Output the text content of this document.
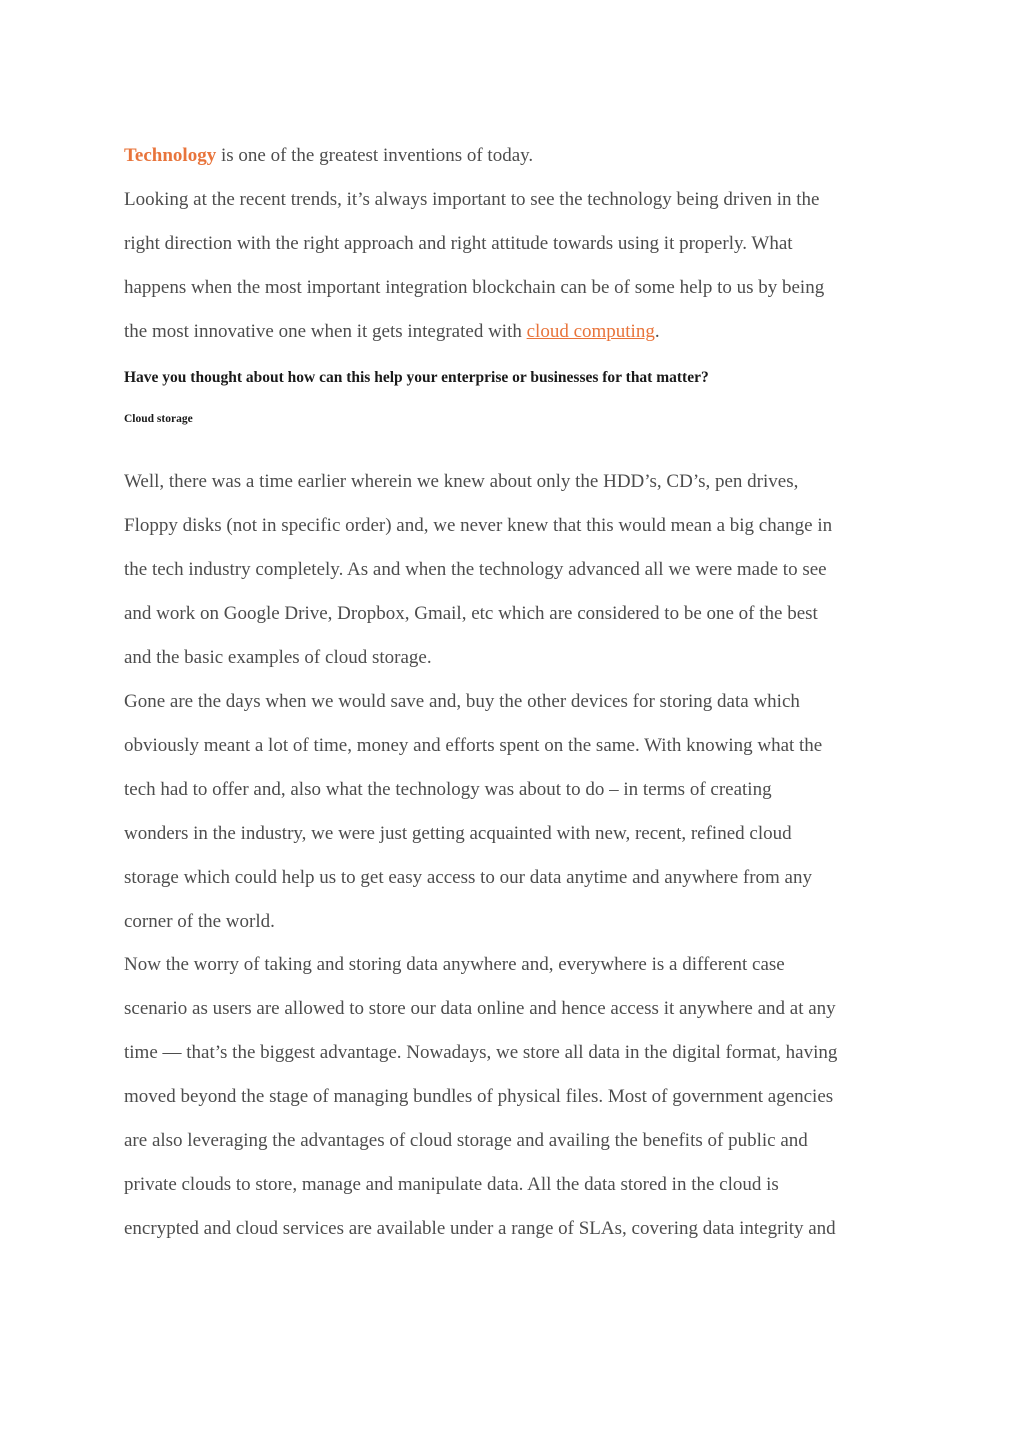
Technology is one of the greatest inventions of today.
Looking at the recent trends, it’s always important to see the technology being driven in the
right direction with the right approach and right attitude towards using it properly. What
happens when the most important integration blockchain can be of some help to us by being
the most innovative one when it gets integrated with cloud computing.
Have you thought about how can this help your enterprise or businesses for that matter?
Cloud storage
Well, there was a time earlier wherein we knew about only the HDD’s, CD’s, pen drives,
Floppy disks (not in specific order) and, we never knew that this would mean a big change in
the tech industry completely. As and when the technology advanced all we were made to see
and work on Google Drive, Dropbox, Gmail, etc which are considered to be one of the best
and the basic examples of cloud storage.
Gone are the days when we would save and, buy the other devices for storing data which
obviously meant a lot of time, money and efforts spent on the same. With knowing what the
tech had to offer and, also what the technology was about to do – in terms of creating
wonders in the industry, we were just getting acquainted with new, recent, refined cloud
storage which could help us to get easy access to our data anytime and anywhere from any
corner of the world.
Now the worry of taking and storing data anywhere and, everywhere is a different case
scenario as users are allowed to store our data online and hence access it anywhere and at any
time — that’s the biggest advantage. Nowadays, we store all data in the digital format, having
moved beyond the stage of managing bundles of physical files. Most of government agencies
are also leveraging the advantages of cloud storage and availing the benefits of public and
private clouds to store, manage and manipulate data. All the data stored in the cloud is
encrypted and cloud services are available under a range of SLAs, covering data integrity and
